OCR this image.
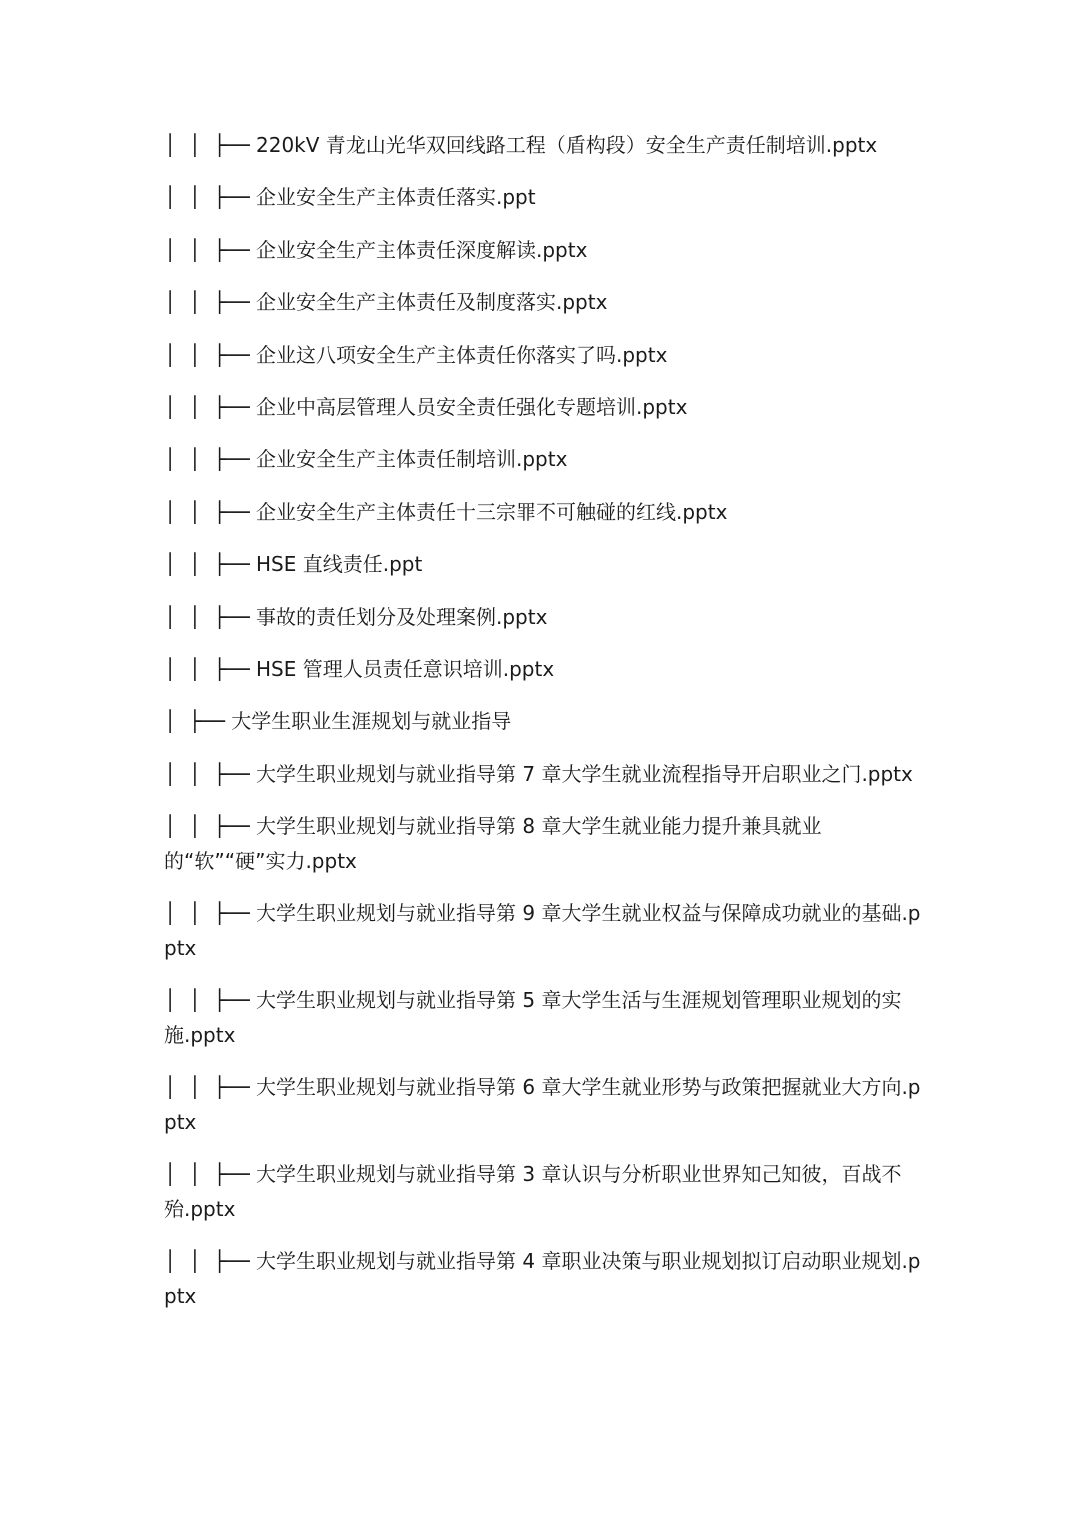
│  │  ├── 220kV 青龙山光华双回线路工程（盾构段）安全生产责任制培训.pptx

│  │  ├── 企业安全生产主体责任落实.ppt

│  │  ├── 企业安全生产主体责任深度解读.pptx

│  │  ├── 企业安全生产主体责任及制度落实.pptx

│  │  ├── 企业这八项安全生产主体责任你落实了吗.pptx

│  │  ├── 企业中高层管理人员安全责任强化专题培训.pptx

│  │  ├── 企业安全生产主体责任制培训.pptx

│  │  ├── 企业安全生产主体责任十三宗罪不可触碰的红线.pptx

│  │  ├── HSE 直线责任.ppt

│  │  ├── 事故的责任划分及处理案例.pptx

│  │  ├── HSE 管理人员责任意识培训.pptx

│  ├── 大学生职业生涯规划与就业指导

│  │  ├── 大学生职业规划与就业指导第 7 章大学生就业流程指导开启职业之门.pptx

│  │  ├── 大学生职业规划与就业指导第 8 章大学生就业能力提升兼具就业的“软”“硬”实力.pptx

│  │  ├── 大学生职业规划与就业指导第 9 章大学生就业权益与保障成功就业的基础.pptx

│  │  ├── 大学生职业规划与就业指导第 5 章大学生活与生涯规划管理职业规划的实施.pptx

│  │  ├── 大学生职业规划与就业指导第 6 章大学生就业形势与政策把握就业大方向.pptx

│  │  ├── 大学生职业规划与就业指导第 3 章认识与分析职业世界知己知彼，百战不殆.pptx

│  │  ├── 大学生职业规划与就业指导第 4 章职业决策与职业规划拟订启动职业规划.pptx
